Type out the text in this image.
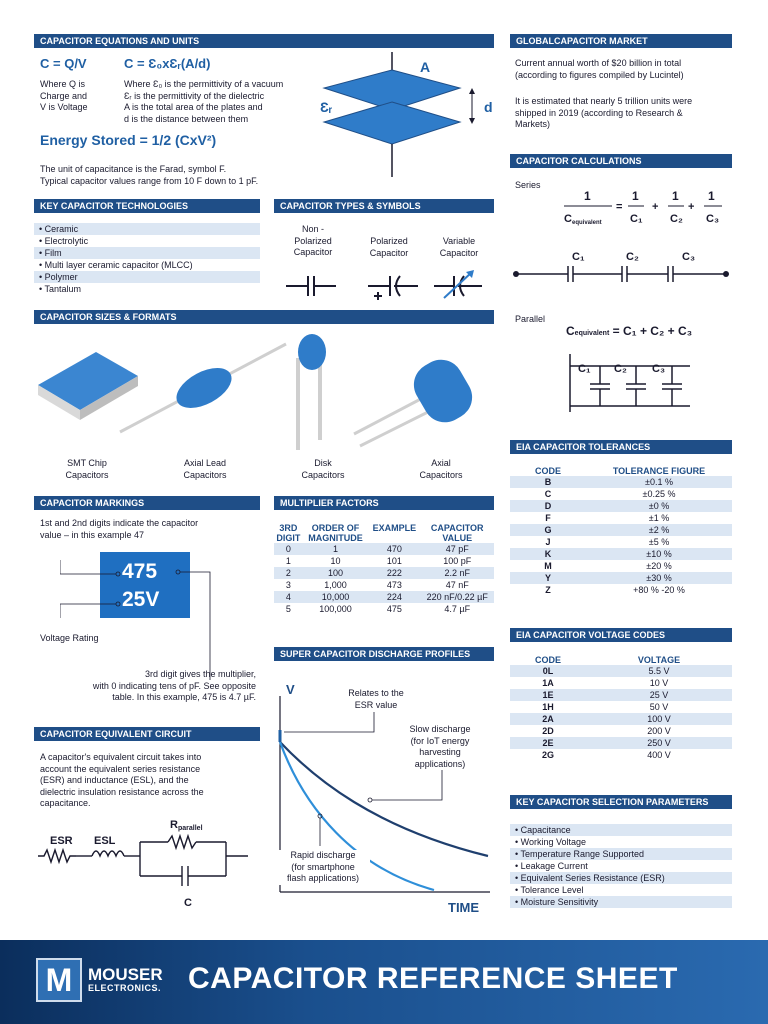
CAPACITOR EQUATIONS AND UNITS
C = Q/V
Where Q is
Charge and
V is Voltage
C = Ɛ₀xƐᵣ(A/d)
Where Ɛ₀ is the permittivity of a vacuum
Ɛᵣ is the permittivity of the dielectric
A is the total area of the plates and
d is the distance between them
Energy Stored = 1/2 (CxV²)
The unit of capacitance is the Farad, symbol F.
Typical capacitor values range from 10 F down to 1 pF.
A
d
Ɛᵣ
GLOBALCAPACITOR MARKET
Current annual worth of $20 billion in total
(according to figures compiled by Lucintel)
It is estimated that nearly 5 trillion units were
shipped in 2019 (according to Research &
Markets)
CAPACITOR CALCULATIONS
Series
1
C equivalent
=
1
C₁
+
1
C₂
+
1
C₃
C₁	C₂	C₃
Parallel
Cequivalent = C₁ + C₂ + C₃
C₁ C₂ C₃
KEY CAPACITOR TECHNOLOGIES
• Ceramic
• Electrolytic
• Film
• Multi layer ceramic capacitor (MLCC)
• Polymer
• Tantalum
CAPACITOR TYPES & SYMBOLS
Non -
Polarized
Capacitor
Polarized
Capacitor
Variable
Capacitor
CAPACITOR SIZES & FORMATS
SMT Chip
Capacitors
Axial Lead
Capacitors
Disk
Capacitors
Axial
Capacitors
CAPACITOR MARKINGS
1st and 2nd digits indicate the capacitor
value – in this example 47
475
25V
Voltage Rating
3rd digit gives the multiplier,
with 0 indicating tens of pF. See opposite
table. In this example, 475 is 4.7 µF.
MULTIPLIER FACTORS
3RD
DIGIT	ORDER OF
MAGNITUDE	EXAMPLE	CAPACITOR
VALUE
0	1	470	47 pF
1	10	101	100 pF
2	100	222	2.2 nF
3	1,000	473	47 nF
4	10,000	224	220 nF/0.22 µF
5	100,000	475	4.7 µF
SUPER CAPACITOR DISCHARGE PROFILES
V
TIME
Relates to the
ESR value
Slow discharge
(for IoT energy
harvesting
applications)
Rapid discharge
(for smartphone
flash applications)
CAPACITOR EQUIVALENT CIRCUIT
A capacitor's equivalent circuit takes into
account the equivalent series resistance
(ESR) and inductance (ESL), and the
dielectric insulation resistance across the
capacitance.
ESR ESL
R parallel
C
EIA CAPACITOR TOLERANCES
CODE	TOLERANCE FIGURE
B	±0.1 %
C	±0.25 %
D	±0 %
F	±1 %
G	±2 %
J	±5 %
K	±10 %
M	±20 %
Y	±30 %
Z	+80 % -20 %
EIA CAPACITOR VOLTAGE CODES
CODE	VOLTAGE
0L	5.5 V
1A	10 V
1E	25 V
1H	50 V
2A	100 V
2D	200 V
2E	250 V
2G	400 V
KEY CAPACITOR SELECTION PARAMETERS
• Capacitance
• Working Voltage
• Temperature Range Supported
• Leakage Current
• Equivalent Series Resistance (ESR)
• Tolerance Level
• Moisture Sensitivity
M MOUSER
ELECTRONICS. CAPACITOR REFERENCE SHEET
